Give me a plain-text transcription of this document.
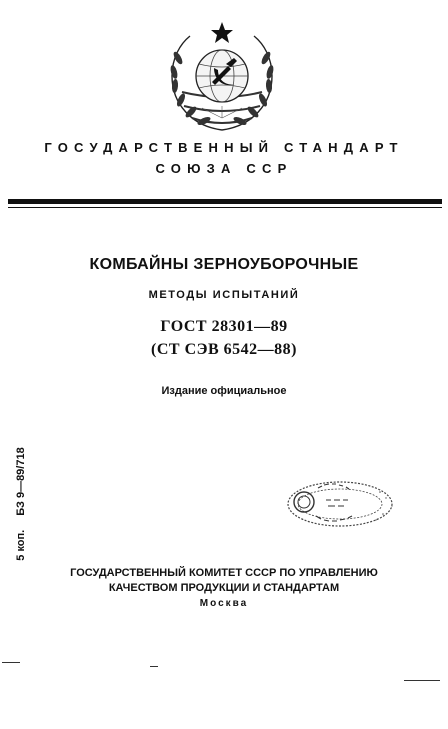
ГОСУДАРСТВЕННЫЙ СТАНДАРТ
СОЮЗА ССР
КОМБАЙНЫ ЗЕРНОУБОРОЧНЫЕ
МЕТОДЫ ИСПЫТАНИЙ
ГОСТ 28301—89
(СТ СЭВ 6542—88)
Издание официальное
5 коп.БЗ 9—89/718
ГОСУДАРСТВЕННЫЙ КОМИТЕТ СССР ПО УПРАВЛЕНИЮ
КАЧЕСТВОМ ПРОДУКЦИИ И СТАНДАРТАМ
Москва
